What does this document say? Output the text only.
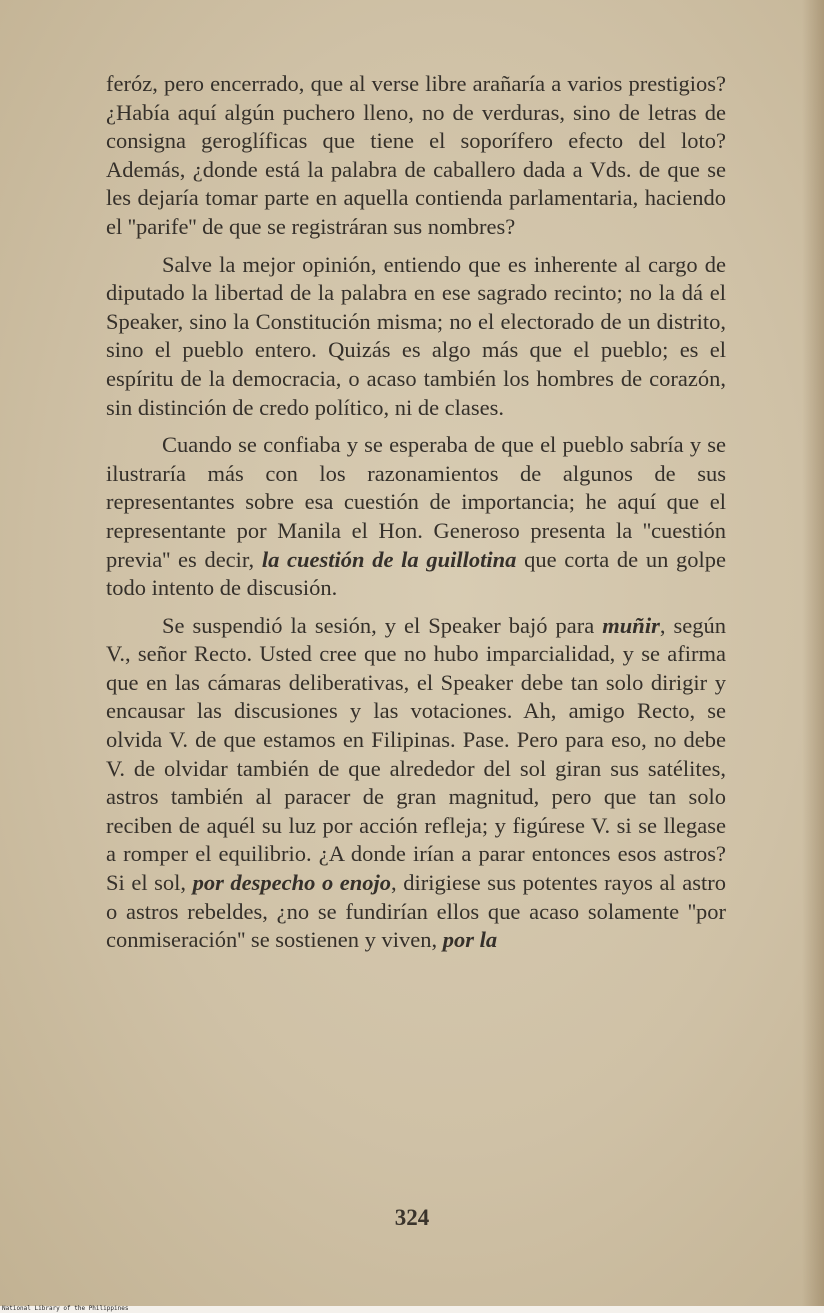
feróz, pero encerrado, que al verse libre arañaría a varios prestigios? ¿Había aquí algún puchero lleno, no de verduras, sino de letras de consigna geroglíficas que tiene el soporífero efecto del loto? Además, ¿donde está la palabra de caballero dada a Vds. de que se les dejaría tomar parte en aquella contienda parlamentaria, haciendo el ''parife'' de que se registráran sus nombres?

Salve la mejor opinión, entiendo que es inherente al cargo de diputado la libertad de la palabra en ese sagrado recinto; no la dá el Speaker, sino la Constitución misma; no el electorado de un distrito, sino el pueblo entero. Quizás es algo más que el pueblo; es el espíritu de la democracia, o acaso también los hombres de corazón, sin distinción de credo político, ni de clases.

Cuando se confiaba y se esperaba de que el pueblo sabría y se ilustraría más con los razonamientos de algunos de sus representantes sobre esa cuestión de importancia; he aquí que el representante por Manila el Hon. Generoso presenta la ''cuestión previa'' es decir, la cuestión de la guillotina que corta de un golpe todo intento de discusión.

Se suspendió la sesión, y el Speaker bajó para muñir, según V., señor Recto. Usted cree que no hubo imparcialidad, y se afirma que en las cámaras deliberativas, el Speaker debe tan solo dirigir y encausar las discusiones y las votaciones. Ah, amigo Recto, se olvida V. de que estamos en Filipinas. Pase. Pero para eso, no debe V. de olvidar también de que alrededor del sol giran sus satélites, astros también al paracer de gran magnitud, pero que tan solo reciben de aquél su luz por acción refleja; y figúrese V. si se llegase a romper el equilibrio. ¿A donde irían a parar entonces esos astros? Si el sol, por despecho o enojo, dirigiese sus potentes rayos al astro o astros rebeldes, ¿no se fundirían ellos que acaso solamente ''por conmiseración'' se sostienen y viven, por la

324
National Library of the Philippines
